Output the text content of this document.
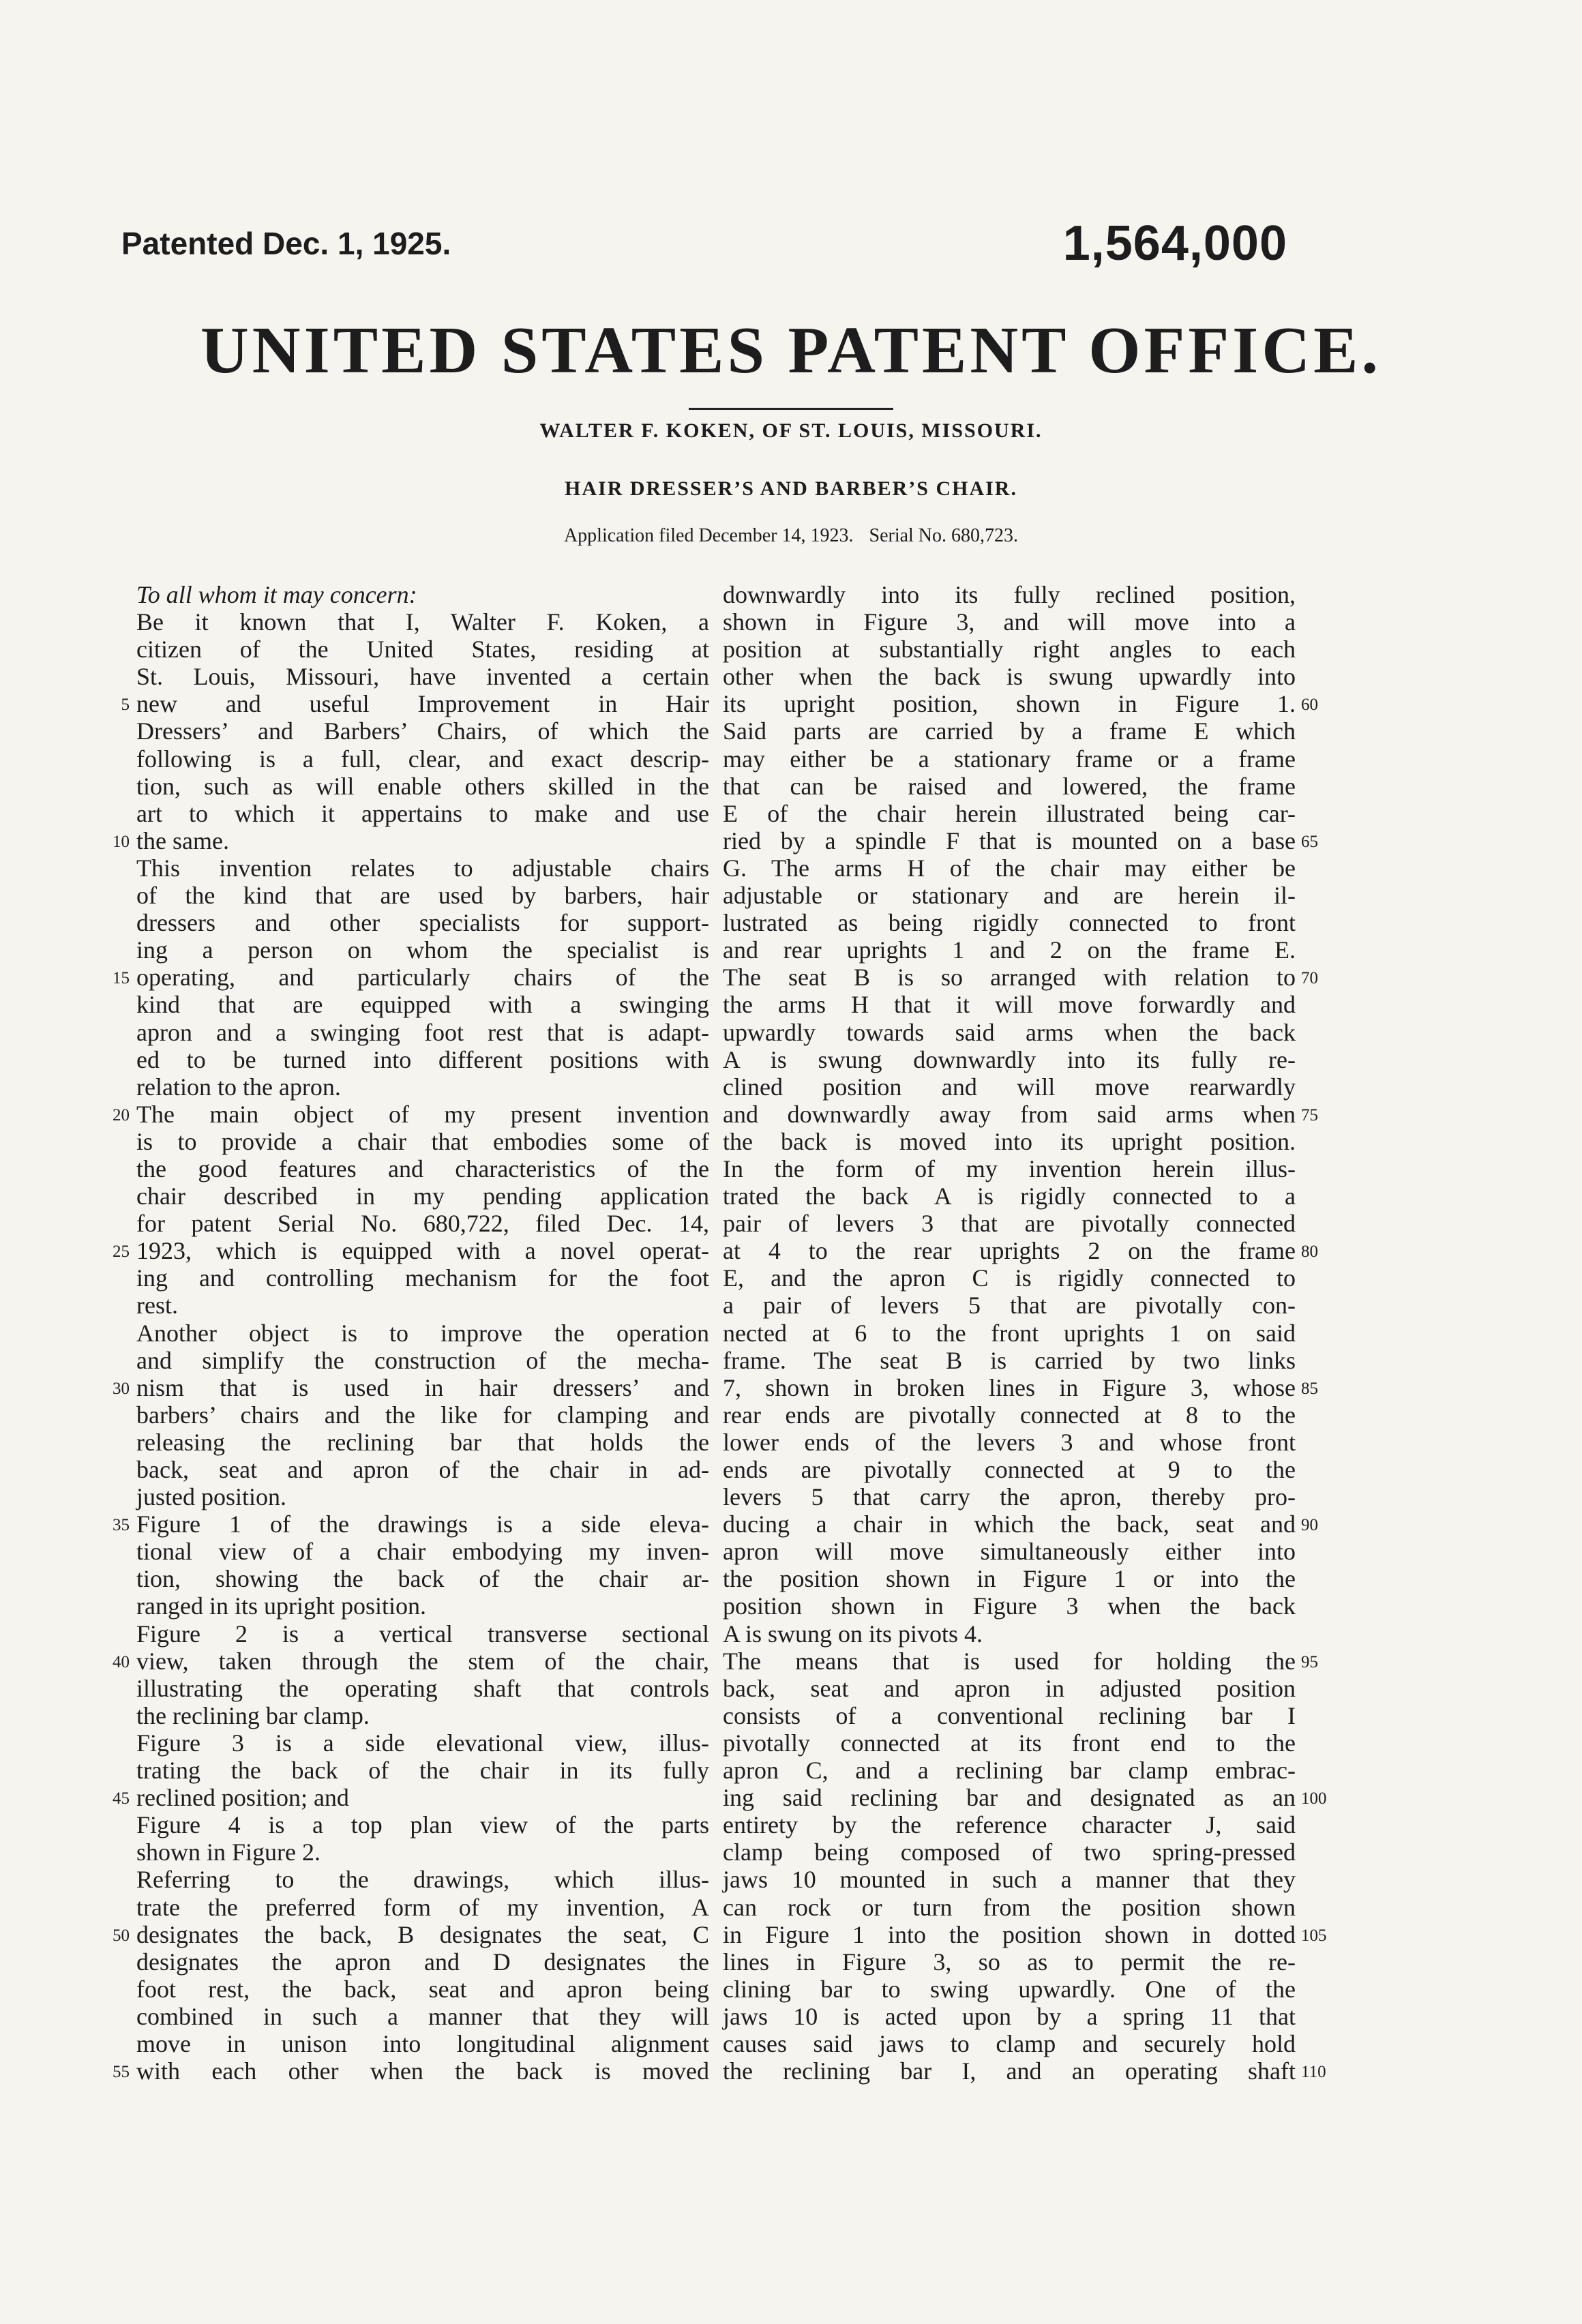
Patented Dec. 1, 1925.	1,564,000
UNITED STATES PATENT OFFICE.
WALTER F. KOKEN, OF ST. LOUIS, MISSOURI.
HAIR DRESSER’S AND BARBER’S CHAIR.
Application filed December 14, 1923. Serial No. 680,723.
To all whom it may concern:
Be it known that I, Walter F. Koken, a
citizen of the United States, residing at
St. Louis, Missouri, have invented a certain
new and useful Improvement in Hair
Dressers’ and Barbers’ Chairs, of which the
following is a full, clear, and exact descrip-
tion, such as will enable others skilled in the
art to which it appertains to make and use
the same.
This invention relates to adjustable chairs
of the kind that are used by barbers, hair
dressers and other specialists for support-
ing a person on whom the specialist is
operating, and particularly chairs of the
kind that are equipped with a swinging
apron and a swinging foot rest that is adapt-
ed to be turned into different positions with
relation to the apron.
The main object of my present invention
is to provide a chair that embodies some of
the good features and characteristics of the
chair described in my pending application
for patent Serial No. 680,722, filed Dec. 14,
1923, which is equipped with a novel operat-
ing and controlling mechanism for the foot
rest.
Another object is to improve the operation
and simplify the construction of the mecha-
nism that is used in hair dressers’ and
barbers’ chairs and the like for clamping and
releasing the reclining bar that holds the
back, seat and apron of the chair in ad-
justed position.
Figure 1 of the drawings is a side eleva-
tional view of a chair embodying my inven-
tion, showing the back of the chair ar-
ranged in its upright position.
Figure 2 is a vertical transverse sectional
view, taken through the stem of the chair,
illustrating the operating shaft that controls
the reclining bar clamp.
Figure 3 is a side elevational view, illus-
trating the back of the chair in its fully
reclined position; and
Figure 4 is a top plan view of the parts
shown in Figure 2.
Referring to the drawings, which illus-
trate the preferred form of my invention, A
designates the back, B designates the seat, C
designates the apron and D designates the
foot rest, the back, seat and apron being
combined in such a manner that they will
move in unison into longitudinal alignment
with each other when the back is moved
downwardly into its fully reclined position,
shown in Figure 3, and will move into a
position at substantially right angles to each
other when the back is swung upwardly into
its upright position, shown in Figure 1.
Said parts are carried by a frame E which
may either be a stationary frame or a frame
that can be raised and lowered, the frame
E of the chair herein illustrated being car-
ried by a spindle F that is mounted on a base
G. The arms H of the chair may either be
adjustable or stationary and are herein il-
lustrated as being rigidly connected to front
and rear uprights 1 and 2 on the frame E.
The seat B is so arranged with relation to
the arms H that it will move forwardly and
upwardly towards said arms when the back
A is swung downwardly into its fully re-
clined position and will move rearwardly
and downwardly away from said arms when
the back is moved into its upright position.
In the form of my invention herein illus-
trated the back A is rigidly connected to a
pair of levers 3 that are pivotally connected
at 4 to the rear uprights 2 on the frame
E, and the apron C is rigidly connected to
a pair of levers 5 that are pivotally con-
nected at 6 to the front uprights 1 on said
frame. The seat B is carried by two links
7, shown in broken lines in Figure 3, whose
rear ends are pivotally connected at 8 to the
lower ends of the levers 3 and whose front
ends are pivotally connected at 9 to the
levers 5 that carry the apron, thereby pro-
ducing a chair in which the back, seat and
apron will move simultaneously either into
the position shown in Figure 1 or into the
position shown in Figure 3 when the back
A is swung on its pivots 4.
The means that is used for holding the
back, seat and apron in adjusted position
consists of a conventional reclining bar I
pivotally connected at its front end to the
apron C, and a reclining bar clamp embrac-
ing said reclining bar and designated as an
entirety by the reference character J, said
clamp being composed of two spring-pressed
jaws 10 mounted in such a manner that they
can rock or turn from the position shown
in Figure 1 into the position shown in dotted
lines in Figure 3, so as to permit the re-
clining bar to swing upwardly. One of the
jaws 10 is acted upon by a spring 11 that
causes said jaws to clamp and securely hold
the reclining bar I, and an operating shaft
5
10
15
20
25
30
35
40
45
50
55
60
65
70
75
80
85
90
95
100
105
110
